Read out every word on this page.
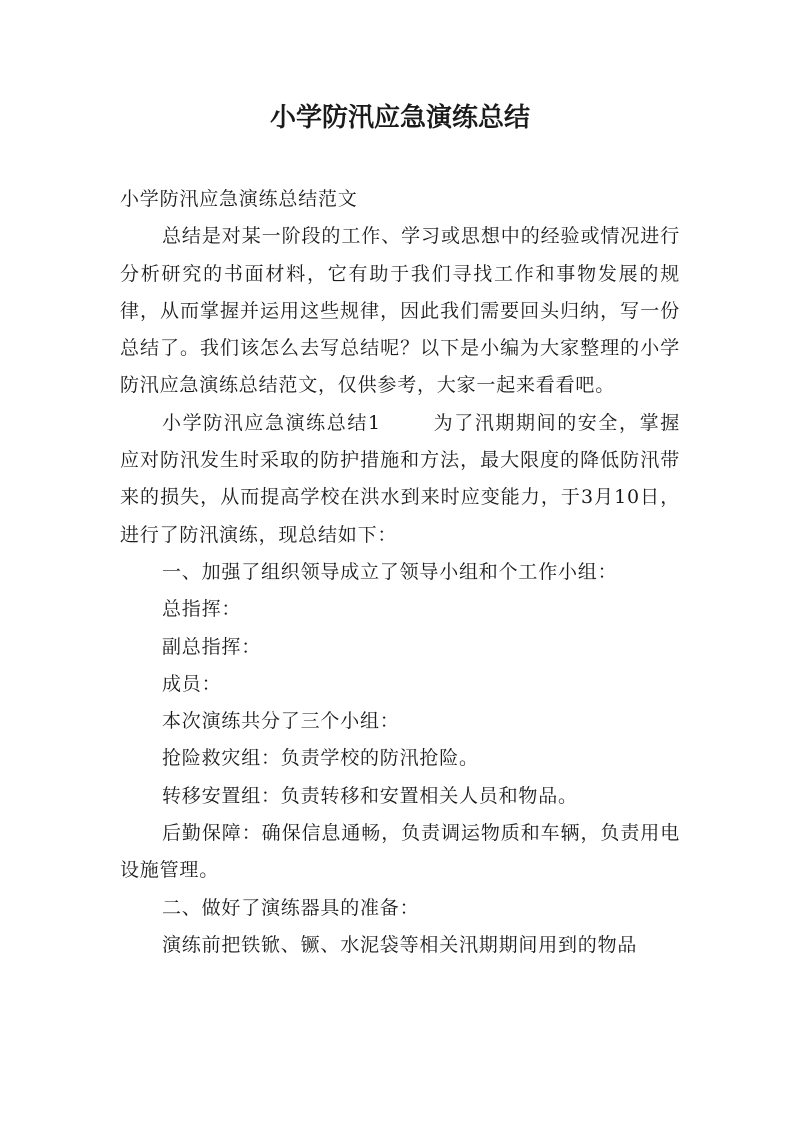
小学防汛应急演练总结

小学防汛应急演练总结范文

总结是对某一阶段的工作、学习或思想中的经验或情况进行分析研究的书面材料，它有助于我们寻找工作和事物发展的规律，从而掌握并运用这些规律，因此我们需要回头归纳，写一份总结了。我们该怎么去写总结呢？以下是小编为大家整理的小学防汛应急演练总结范文，仅供参考，大家一起来看看吧。

小学防汛应急演练总结1	为了汛期期间的安全，掌握应对防汛发生时采取的防护措施和方法，最大限度的降低防汛带来的损失，从而提高学校在洪水到来时应变能力，于3月10日，进行了防汛演练，现总结如下：

一、加强了组织领导成立了领导小组和个工作小组：

总指挥：

副总指挥：

成员：

本次演练共分了三个小组：

抢险救灾组：负责学校的防汛抢险。

转移安置组：负责转移和安置相关人员和物品。

后勤保障：确保信息通畅，负责调运物质和车辆，负责用电设施管理。

二、做好了演练器具的准备：

演练前把铁锨、镢、水泥袋等相关汛期期间用到的物品
